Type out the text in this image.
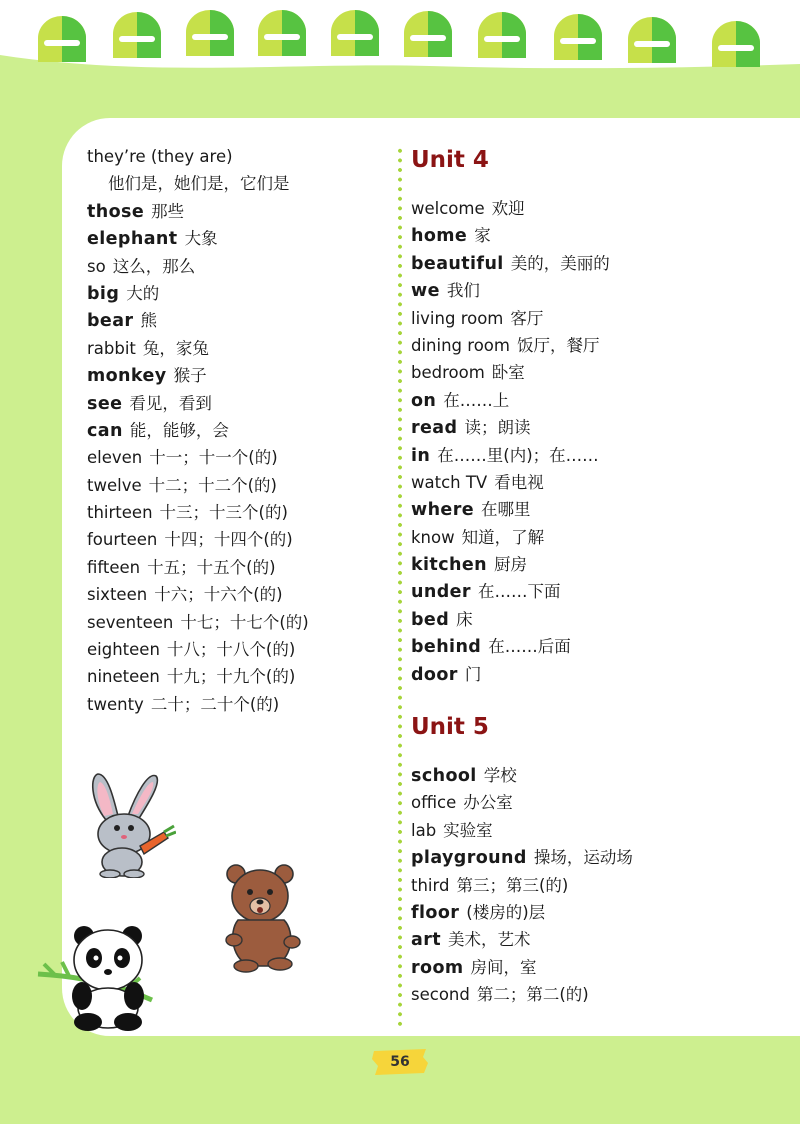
they’re (they are)
他们是，她们是，它们是
those 那些
elephant 大象
so 这么，那么
big 大的
bear 熊
rabbit 兔，家兔
monkey 猴子
see 看见，看到
can 能，能够，会
eleven 十一；十一个(的)
twelve 十二；十二个(的)
thirteen 十三；十三个(的)
fourteen 十四；十四个(的)
fifteen 十五；十五个(的)
sixteen 十六；十六个(的)
seventeen 十七；十七个(的)
eighteen 十八；十八个(的)
nineteen 十九；十九个(的)
twenty 二十；二十个(的)
Unit 4
welcome 欢迎
home 家
beautiful 美的，美丽的
we 我们
living room 客厅
dining room 饭厅，餐厅
bedroom 卧室
on 在……上
read 读；朗读
in 在……里(内)；在……
watch TV 看电视
where 在哪里
know 知道，了解
kitchen 厨房
under 在……下面
bed 床
behind 在……后面
door 门
Unit 5
school 学校
office 办公室
lab 实验室
playground 操场，运动场
third 第三；第三(的)
floor (楼房的)层
art 美术，艺术
room 房间，室
second 第二；第二(的)
56
